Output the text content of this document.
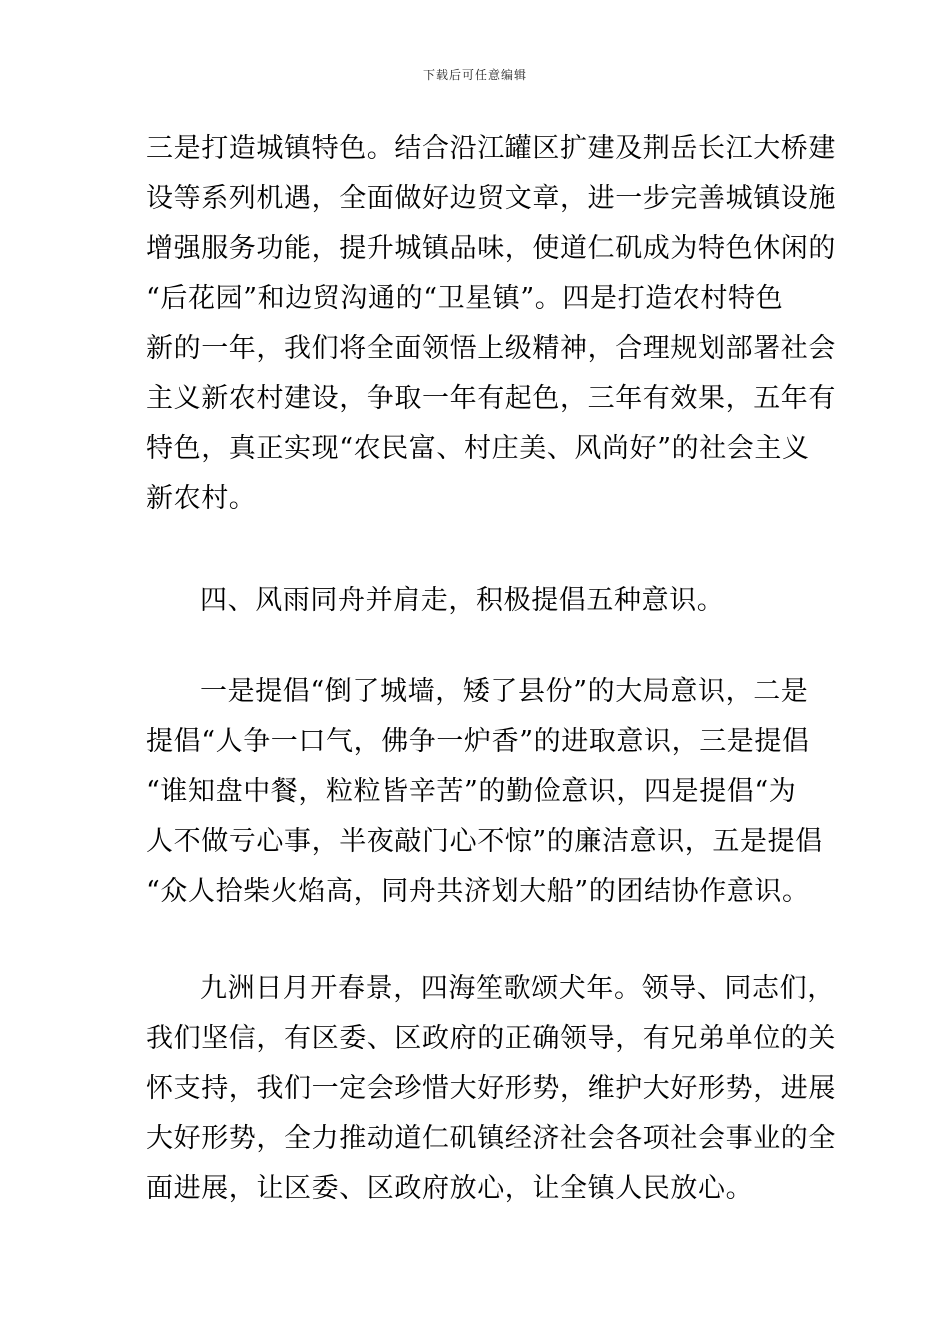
下载后可任意编辑
三是打造城镇特色。结合沿江罐区扩建及荆岳长江大桥建
设等系列机遇，全面做好边贸文章，进一步完善城镇设施
增强服务功能，提升城镇品味，使道仁矶成为特色休闲的
“后花园”和边贸沟通的“卫星镇”。四是打造农村特色
新的一年，我们将全面领悟上级精神，合理规划部署社会
主义新农村建设，争取一年有起色，三年有效果，五年有
特色，真正实现“农民富、村庄美、风尚好”的社会主义
新农村。
四、风雨同舟并肩走，积极提倡五种意识。
一是提倡“倒了城墙，矮了县份”的大局意识，二是
提倡“人争一口气，佛争一炉香”的进取意识，三是提倡
“谁知盘中餐，粒粒皆辛苦”的勤俭意识，四是提倡“为
人不做亏心事，半夜敲门心不惊”的廉洁意识，五是提倡
“众人拾柴火焰高，同舟共济划大船”的团结协作意识。
九洲日月开春景，四海笙歌颂犬年。领导、同志们，
我们坚信，有区委、区政府的正确领导，有兄弟单位的关
怀支持，我们一定会珍惜大好形势，维护大好形势，进展
大好形势，全力推动道仁矶镇经济社会各项社会事业的全
面进展，让区委、区政府放心，让全镇人民放心。
